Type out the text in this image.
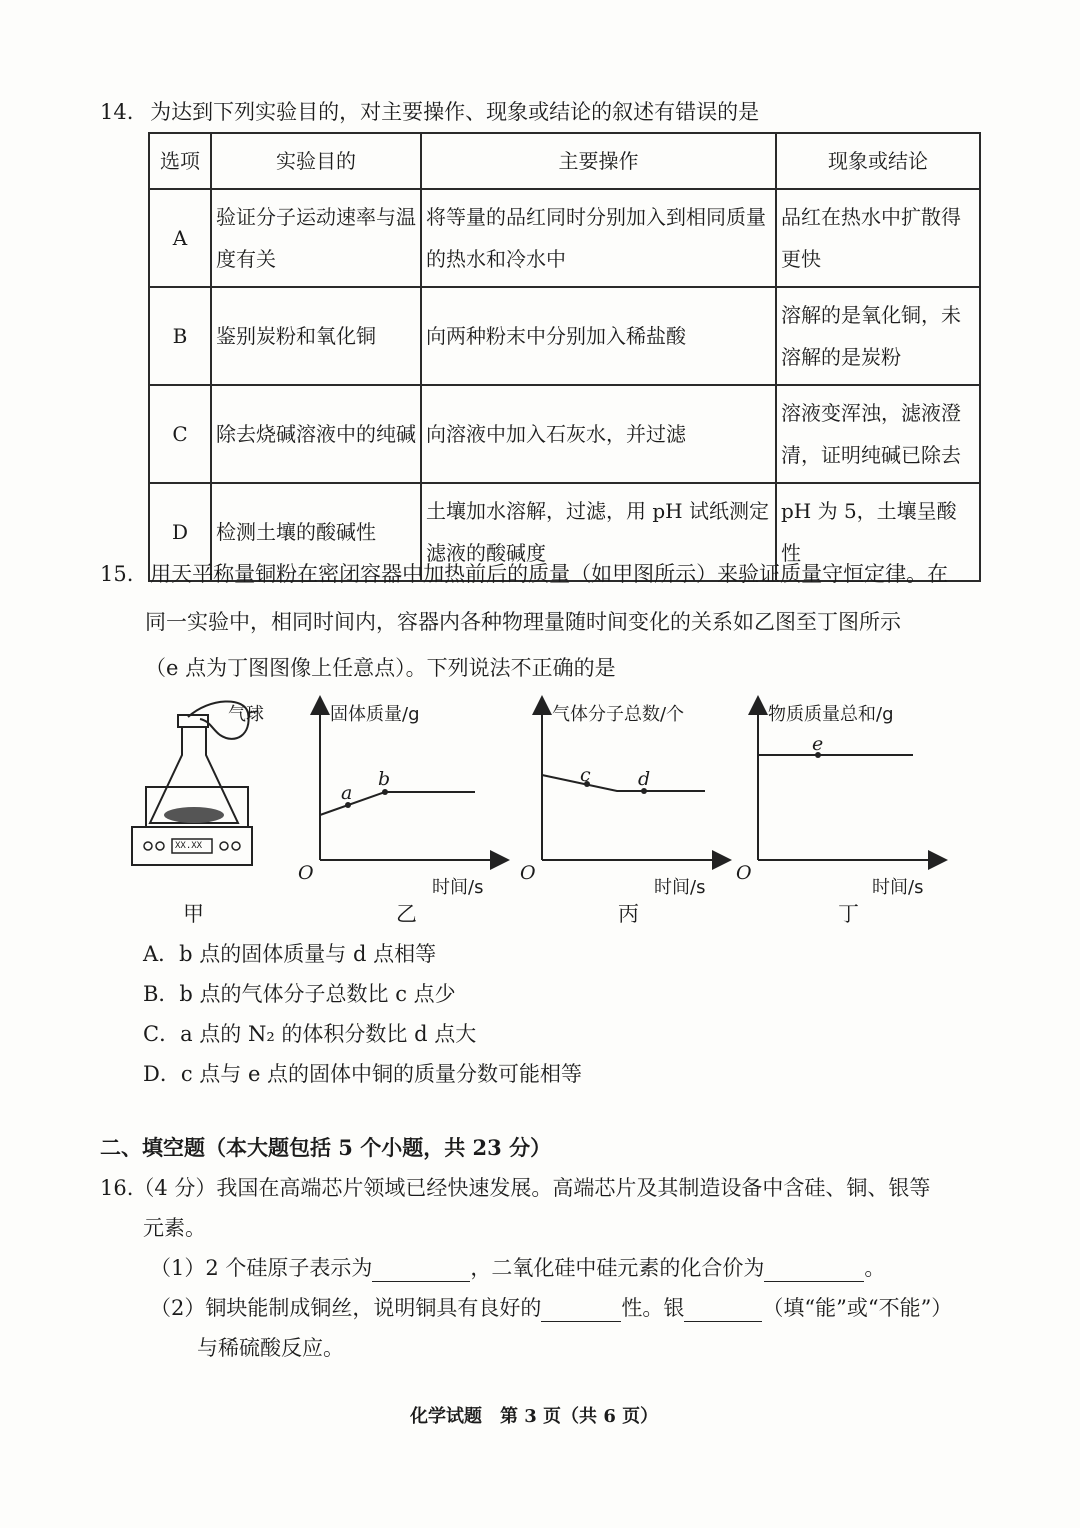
14. 为达到下列实验目的，对主要操作、现象或结论的叙述有错误的是
选项	实验目的	主要操作	现象或结论
A	验证分子运动速率与温度有关	将等量的品红同时分别加入到相同质量的热水和冷水中	品红在热水中扩散得更快

B	鉴别炭粉和氧化铜	向两种粉末中分别加入稀盐酸	溶解的是氧化铜，未溶解的是炭粉

C	除去烧碱溶液中的纯碱	向溶液中加入石灰水，并过滤	溶液变浑浊，滤液澄清，证明纯碱已除去

D	检测土壤的酸碱性	土壤加水溶解，过滤，用 pH 试纸测定滤液的酸碱度	pH 为 5，土壤呈酸性
15. 用天平称量铜粉在密闭容器中加热前后的质量（如甲图所示）来验证质量守恒定律。在
同一实验中，相同时间内，容器内各种物理量随时间变化的关系如乙图至丁图所示
（e 点为丁图图像上任意点）。下列说法不正确的是
气球
XX.XX
甲
固体质量/g
a
b
O
时间/s
乙
气体分子总数/个
c d
O
时间/s
丙
物质质量总和/g
e
O
时间/s
丁
A．b 点的固体质量与 d 点相等
B．b 点的气体分子总数比 c 点少
C．a 点的 N₂ 的体积分数比 d 点大
D．c 点与 e 点的固体中铜的质量分数可能相等
二、填空题（本大题包括 5 个小题，共 23 分）
16.（4 分）我国在高端芯片领域已经快速发展。高端芯片及其制造设备中含硅、铜、银等
元素。
（1）2 个硅原子表示为	，二氧化硅中硅元素的化合价为	。
（2）铜块能制成铜丝，说明铜具有良好的	性。银	（填“能”或“不能”）
与稀硫酸反应。
化学试题　第 3 页（共 6 页）
